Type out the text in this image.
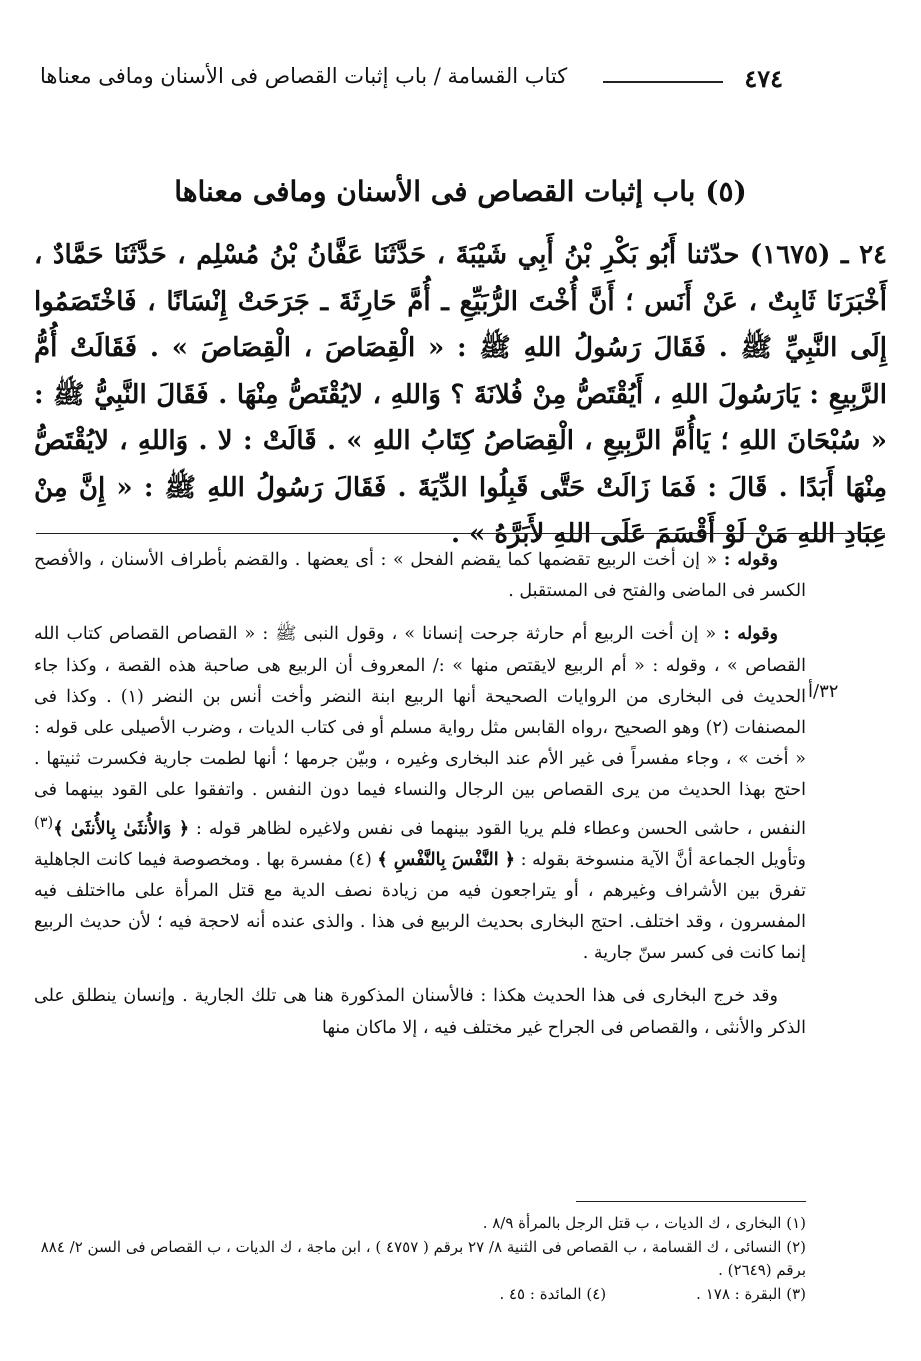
٤٧٤
كتاب القسامة / باب إثبات القصاص فى الأسنان ومافى معناها
(٥) باب إثبات القصاص فى الأسنان ومافى معناها

٢٤ ـ (١٦٧٥) حدّثنا أَبُو بَكْرِ بْنُ أَبِي شَيْبَةَ ، حَدَّثَنَا عَفَّانُ بْنُ مُسْلِم ، حَدَّثَنَا حَمَّادٌ ، أَخْبَرَنَا ثَابِتٌ ، عَنْ أَنَس ؛ أَنَّ أُخْتَ الرُّبَيِّعِ ـ أُمَّ حَارِثَةَ ـ جَرَحَتْ إِنْسَانًا ، فَاخْتَصَمُوا إِلَى النَّبِيِّ ﷺ . فَقَالَ رَسُولُ اللهِ ﷺ : « الْقِصَاصَ ، الْقِصَاصَ » . فَقَالَتْ أُمُّ الرَّبِيعِ : يَارَسُولَ اللهِ ، أَيُقْتَصُّ مِنْ فُلانَةَ ؟ وَاللهِ ، لايُقْتَصُّ مِنْهَا . فَقَالَ النَّبِيُّ ﷺ : « سُبْحَانَ اللهِ ؛ يَاأُمَّ الرَّبِيعِ ، الْقِصَاصُ كِتَابُ اللهِ » . قَالَتْ : لا . وَاللهِ ، لايُقْتَصُّ مِنْهَا أَبَدًا . قَالَ : فَمَا زَالَتْ حَتَّى قَبِلُوا الدِّيَةَ . فَقَالَ رَسُولُ اللهِ ﷺ : « إِنَّ مِنْ عِبَادِ اللهِ مَنْ لَوْ أَقْسَمَ عَلَى اللهِ لأَبَرَّهُ » .

وقوله : « إن أخت الربيع تقضمها كما يقضم الفحل » : أى يعضها . والقضم بأطراف الأسنان ، والأفصح الكسر فى الماضى والفتح فى المستقبل .

وقوله : « إن أخت الربيع أم حارثة جرحت إنسانا » ، وقول النبى ﷺ : « القصاص القصاص كتاب الله القصاص » ، وقوله : « أم الربيع لايقتص منها » :/ المعروف أن الربيع هى صاحبة هذه القصة ، وكذا جاء الحديث فى البخارى من الروايات الصحيحة أنها الربيع ابنة النضر وأخت أنس بن النضر (١) . وكذا فى المصنفات (٢) وهو الصحيح ،رواه القابس مثل رواية مسلم أو فى كتاب الديات ، وضرب الأصيلى على قوله : « أخت » ، وجاء مفسراً فى غير الأم عند البخارى وغيره ، وبيّن جرمها ؛ أنها لطمت جارية فكسرت ثنيتها . احتج بهذا الحديث من يرى القصاص بين الرجال والنساء فيما دون النفس . واتفقوا على القود بينهما فى النفس ، حاشى الحسن وعطاء فلم يريا القود بينهما فى نفس ولاغيره لظاهر قوله : ﴿ وَالأُنثَىٰ بِالأُنثَىٰ ﴾$^{(٣)}$ وتأويل الجماعة أنَّ الآية منسوخة بقوله : ﴿ النَّفْسَ بِالنَّفْسِ ﴾ (٤) مفسرة بها . ومخصوصة فيما كانت الجاهلية تفرق بين الأشراف وغيرهم ، أو يتراجعون فيه من زيادة نصف الدية مع قتل المرأة على مااختلف فيه المفسرون ، وقد اختلف. احتج البخارى بحديث الربيع فى هذا . والذى عنده أنه لاحجة فيه ؛ لأن حديث الربيع إنما كانت فى كسر سنّ جارية .

وقد خرج البخارى فى هذا الحديث هكذا : فالأسنان المذكورة هنا هى تلك الجارية . وإنسان ينطلق على الذكر والأنثى ، والقصاص فى الجراح غير مختلف فيه ، إلا ماكان منها

٣٢/أ
(١) البخارى ، ك الديات ، ب قتل الرجل بالمرأة ٨/٩ .
(٢) النسائى ، ك القسامة ، ب القصاص فى الثنية ٨/ ٢٧ برقم ( ٤٧٥٧ ) ، ابن ماجة ، ك الديات ، ب القصاص فى السن ٢/ ٨٨٤ برقم (٢٦٤٩) .
(٣) البقرة : ١٧٨ .
(٤) المائدة : ٤٥ .
